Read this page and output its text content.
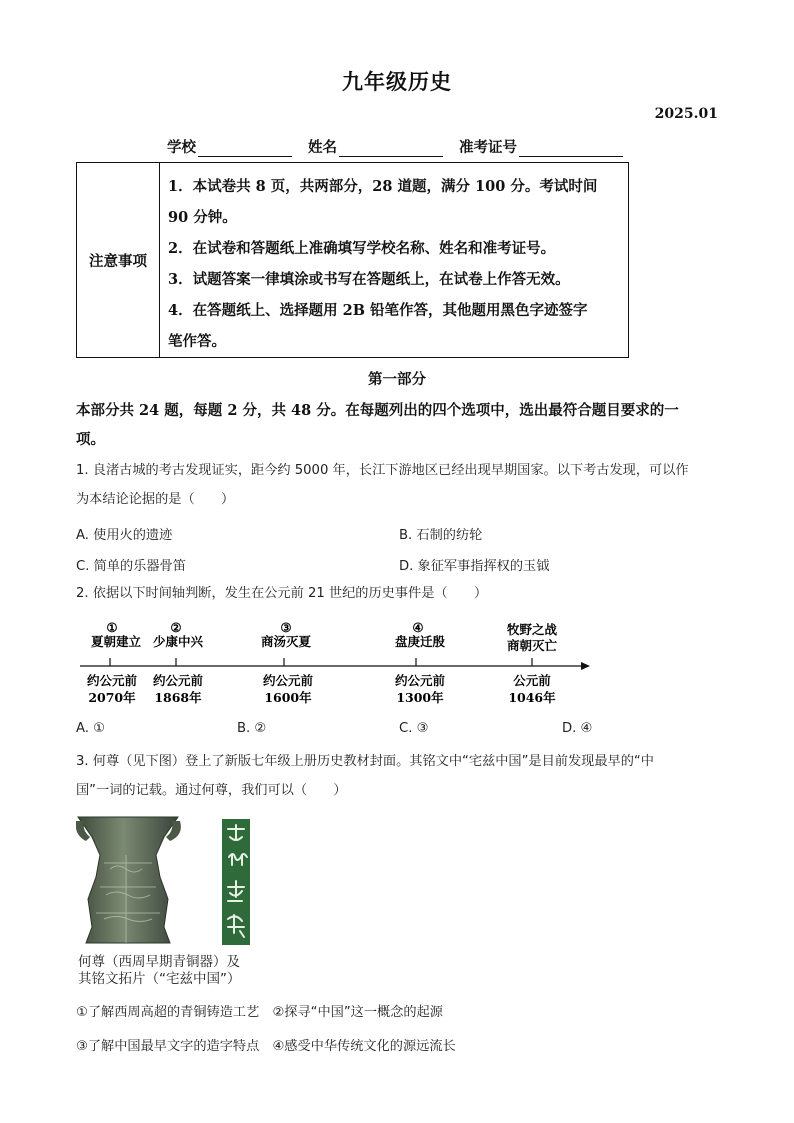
九年级历史
2025.01
学校	姓名	准考证号
注意事项
1．本试卷共 8 页，共两部分，28 道题，满分 100 分。考试时间
90 分钟。
2．在试卷和答题纸上准确填写学校名称、姓名和准考证号。
3．试题答案一律填涂或书写在答题纸上，在试卷上作答无效。
4．在答题纸上、选择题用 2B 铅笔作答，其他题用黑色字迹签字
笔作答。
第一部分
本部分共 24 题，每题 2 分，共 48 分。在每题列出的四个选项中，选出最符合题目要求的一
项。
1. 良渚古城的考古发现证实，距今约 5000 年，长江下游地区已经出现早期国家。以下考古发现，可以作
为本结论论据的是（　　）
A. 使用火的遗迹	B. 石制的纺轮
C. 简单的乐器骨笛	D. 象征军事指挥权的玉钺
2. 依据以下时间轴判断，发生在公元前 21 世纪的历史事件是（　　）
①	②	③	④
夏朝建立 少康中兴	商汤灭夏	盘庚迁殷
牧野之战
商朝灭亡
约公元前
2070年
约公元前
1868年
约公元前
1600年
约公元前
1300年
公元前
1046年
A. ①	B. ②	C. ③	D. ④
3. 何尊（见下图）登上了新版七年级上册历史教材封面。其铭文中“宅兹中国”是目前发现最早的“中
国”一词的记载。通过何尊，我们可以（　　）
何尊（西周早期青铜器）及
其铭文拓片（“宅兹中国”）
①了解西周高超的青铜铸造工艺　②探寻“中国”这一概念的起源
③了解中国最早文字的造字特点　④感受中华传统文化的源远流长
